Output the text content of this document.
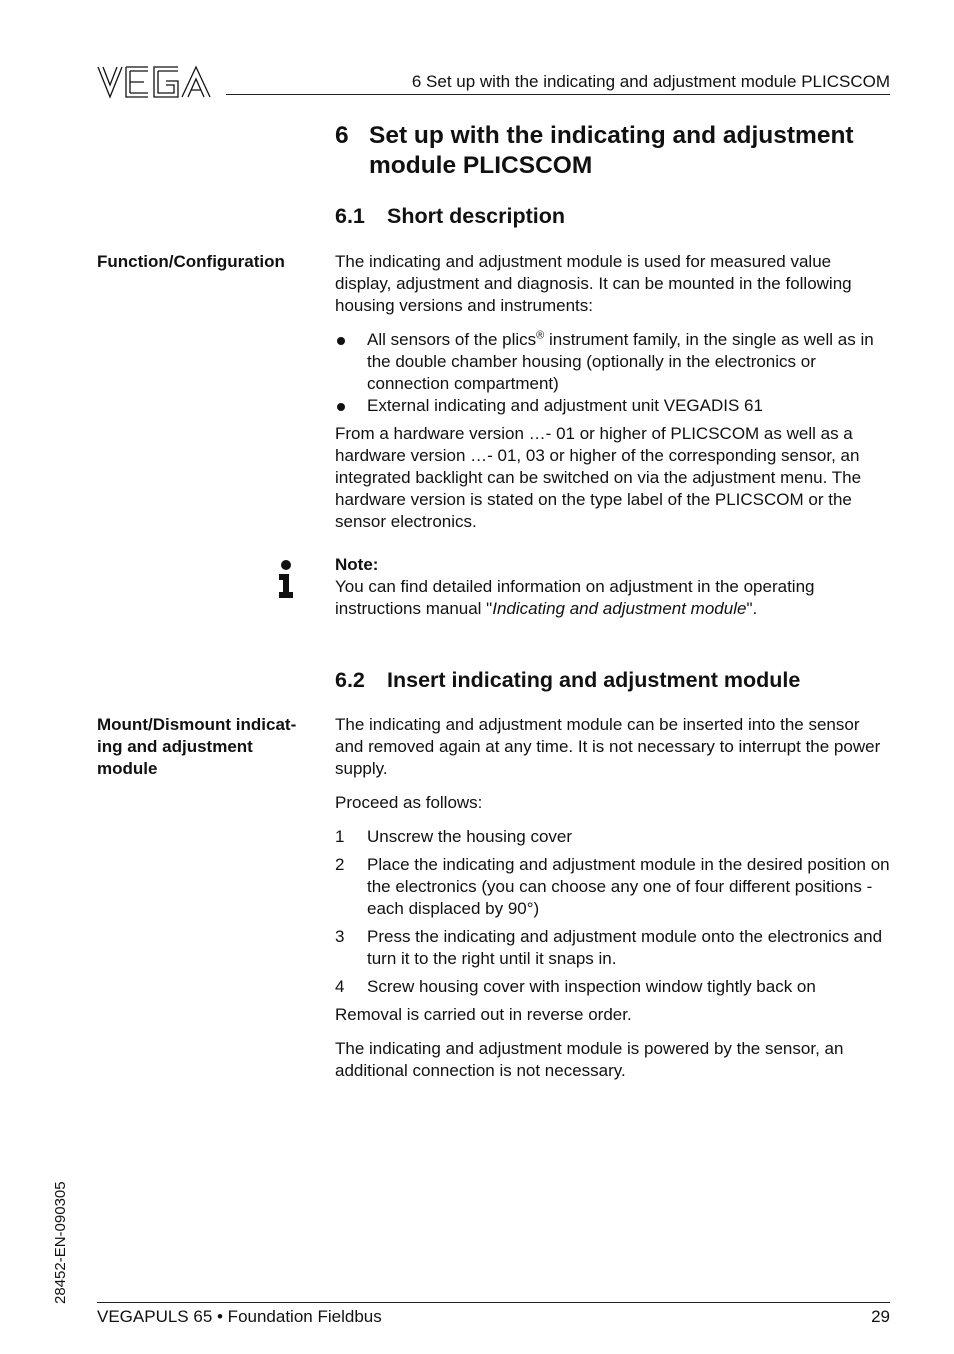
VEGA
6 Set up with the indicating and adjustment module PLICSCOM
6 Set up with the indicating and adjustment module PLICSCOM
6.1 Short description
Function/Configuration	The indicating and adjustment module is used for measured value display, adjustment and diagnosis. It can be mounted in the following housing versions and instruments:

All sensors of the plics® instrument family, in the single as well as in the double chamber housing (optionally in the electronics or connection compartment)
External indicating and adjustment unit VEGADIS 61

From a hardware version …- 01 or higher of PLICSCOM as well as a hardware version …- 01, 03 or higher of the corresponding sensor, an integrated backlight can be switched on via the adjustment menu. The hardware version is stated on the type label of the PLICSCOM or the sensor electronics.

Note:

You can find detailed information on adjustment in the operating instructions manual "Indicating and adjustment module".

6.2 Insert indicating and adjustment module
Mount/Dismount indicat-
ing and adjustment
module

The indicating and adjustment module can be inserted into the sensor and removed again at any time. It is not necessary to interrupt the power supply.

Proceed as follows:

1 Unscrew the housing cover
2 Place the indicating and adjustment module in the desired position on the electronics (you can choose any one of four different positions - each displaced by 90°)
3 Press the indicating and adjustment module onto the electronics and turn it to the right until it snaps in.
4 Screw housing cover with inspection window tightly back on

Removal is carried out in reverse order.

The indicating and adjustment module is powered by the sensor, an additional connection is not necessary.

28452-EN-090305
VEGAPULS 65 • Foundation Fieldbus	29
